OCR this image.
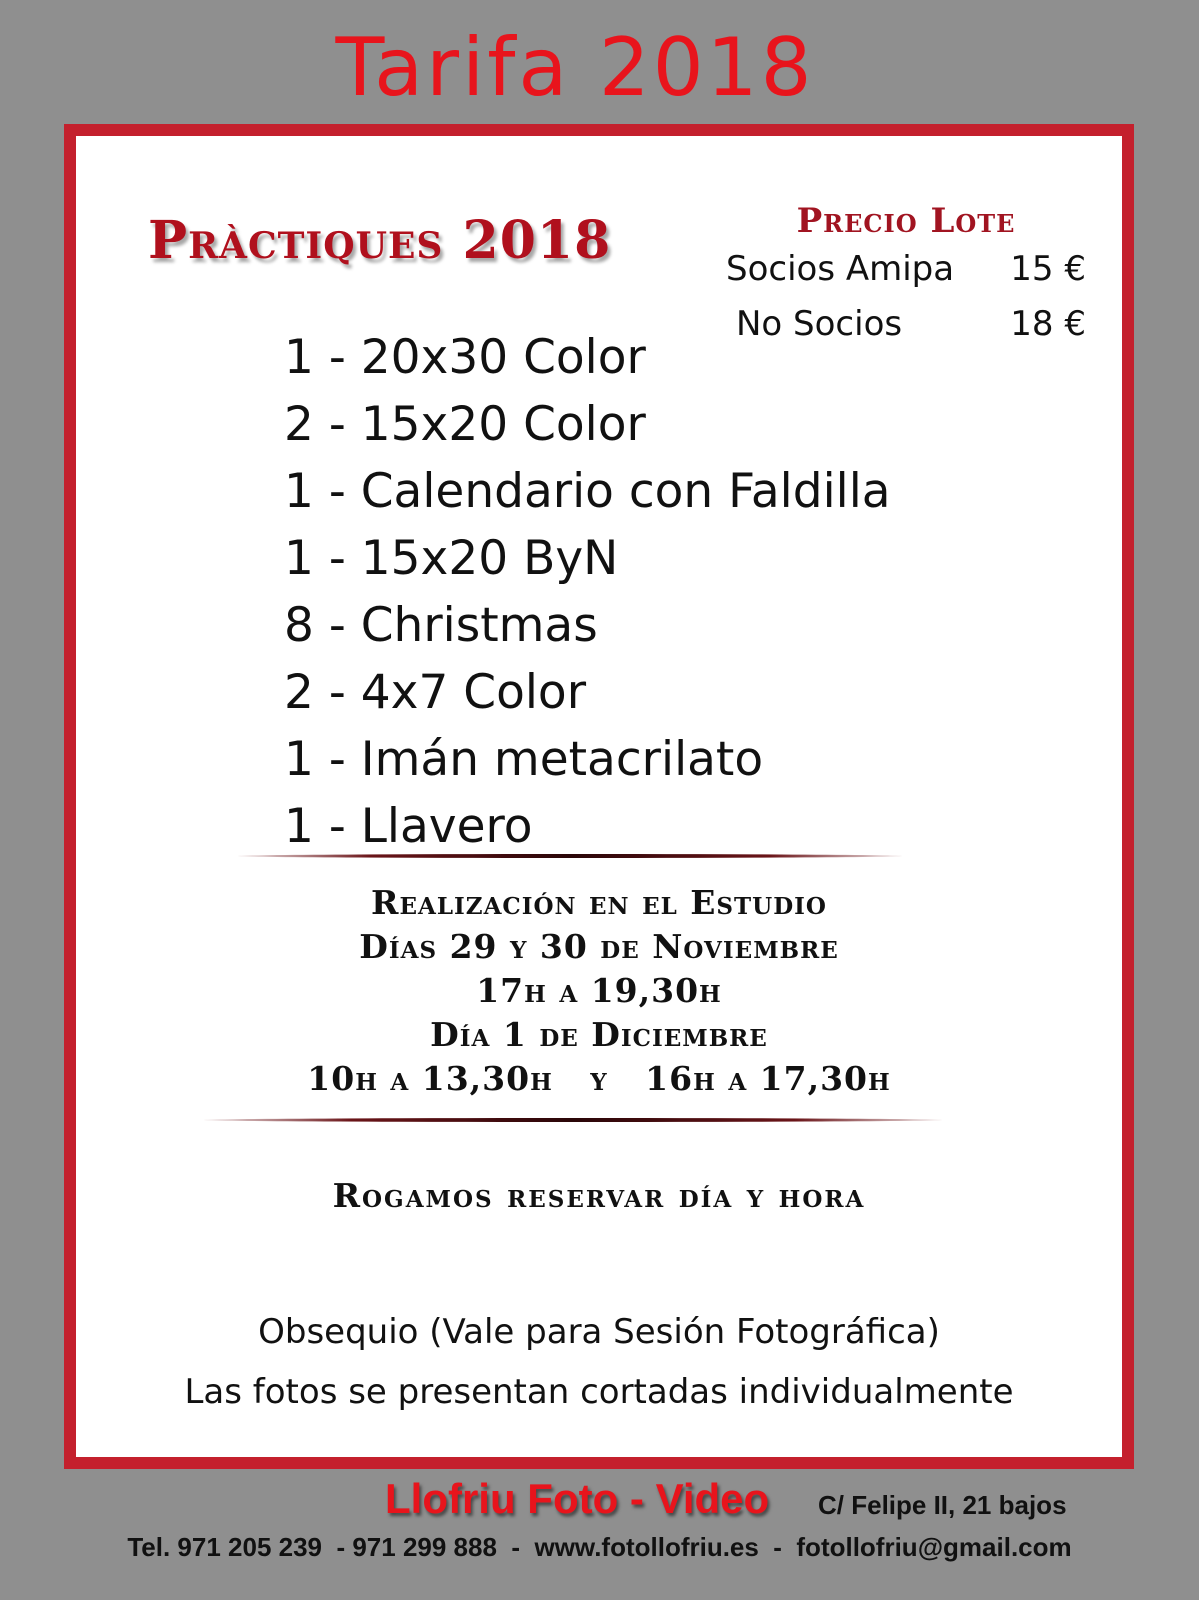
Tarifa 2018
Pràctiques 2018	Precio Lote
Socios Amipa 15 €
No Socios	18 €
1 - 20x30 Color
2 - 15x20 Color
1 - Calendario con Faldilla
1 - 15x20 ByN
8 - Christmas
2 - 4x7 Color
1 - Imán metacrilato
1 - Llavero
Realización en el Estudio
Días 29 y 30 de Noviembre
17h a 19,30h
Día 1 de Diciembre
10h a 13,30h   y   16h a 17,30h
Rogamos reservar día y hora
Obsequio (Vale para Sesión Fotográfica)
Las fotos se presentan cortadas individualmente
Llofriu Foto - Video C/ Felipe II, 21 bajos
Tel. 971 205 239  - 971 299 888  -  www.fotollofriu.es  -  fotollofriu@gmail.com
